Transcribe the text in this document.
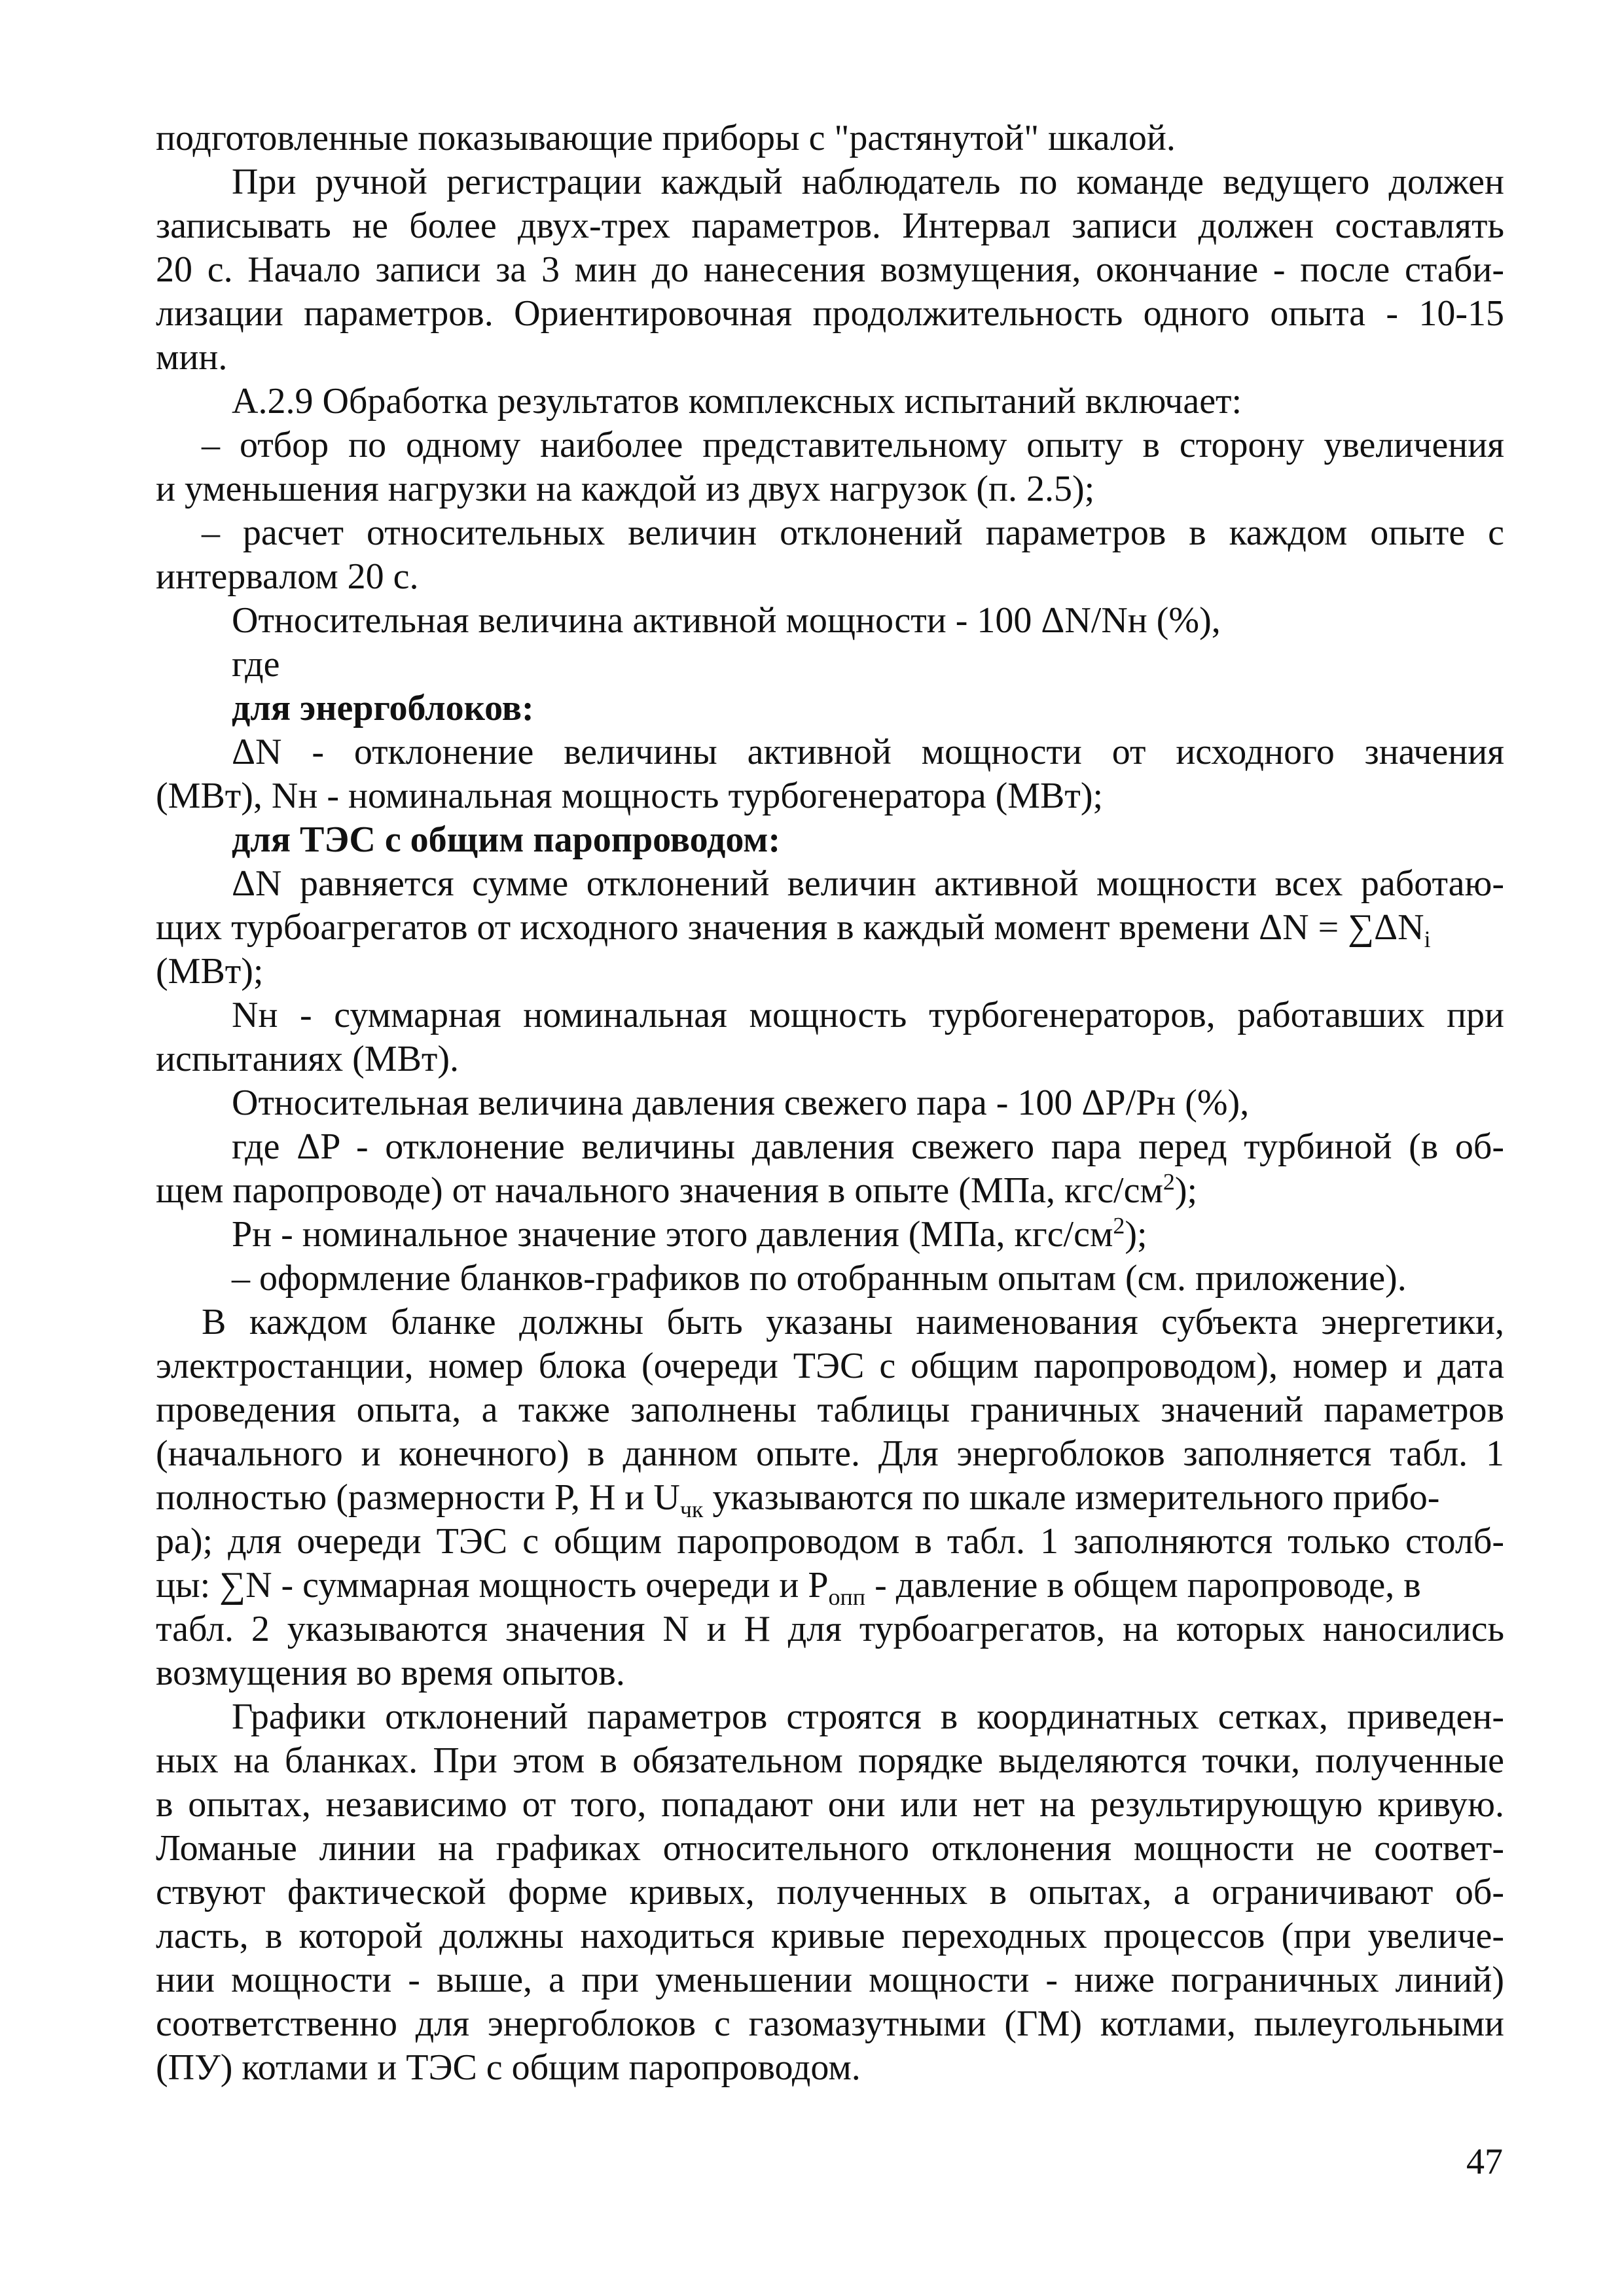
подготовленные показывающие приборы с "растянутой" шкалой.
При ручной регистрации каждый наблюдатель по команде ведущего должен
записывать не более двух-трех параметров. Интервал записи должен составлять
20 с. Начало записи за 3 мин до нанесения возмущения, окончание - после стаби-
лизации параметров. Ориентировочная продолжительность одного опыта - 10-15
мин.
А.2.9 Обработка результатов комплексных испытаний включает:
– отбор по одному наиболее представительному опыту в сторону увеличения
и уменьшения нагрузки на каждой из двух нагрузок (п. 2.5);
– расчет относительных величин отклонений параметров в каждом опыте с
интервалом 20 с.
Относительная величина активной мощности - 100 ΔN/Nн (%),
где
для энергоблоков:
ΔN - отклонение величины активной мощности от исходного значения
(МВт), Nн - номинальная мощность турбогенератора (МВт);
для ТЭС с общим паропроводом:
ΔN равняется сумме отклонений величин активной мощности всех работаю-
щих турбоагрегатов от исходного значения в каждый момент времени $\Delta N = \sum\Delta N_i$
(МВт);
Nн - суммарная номинальная мощность турбогенераторов, работавших при
испытаниях (МВт).
Относительная величина давления свежего пара - 100 ΔP/Pн (%),
где ΔP - отклонение величины давления свежего пара перед турбиной (в об-
щем паропроводе) от начального значения в опыте (МПа, кгс/$см^2$);
Pн - номинальное значение этого давления (МПа, кгс/$см^2$);
– оформление бланков-графиков по отобранным опытам (см. приложение).
В каждом бланке должны быть указаны наименования субъекта энергетики,
электростанции, номер блока (очереди ТЭС с общим паропроводом), номер и дата
проведения опыта, а также заполнены таблицы граничных значений параметров
(начального и конечного) в данном опыте. Для энергоблоков заполняется табл. 1
полностью (размерности P, Н и $U_{чк}$ указываются по шкале измерительного прибо-
ра); для очереди ТЭС с общим паропроводом в табл. 1 заполняются только столб-
цы: ∑N - суммарная мощность очереди и $P_{опп}$ - давление в общем паропроводе, в
табл. 2 указываются значения N и Н для турбоагрегатов, на которых наносились
возмущения во время опытов.
Графики отклонений параметров строятся в координатных сетках, приведен-
ных на бланках. При этом в обязательном порядке выделяются точки, полученные
в опытах, независимо от того, попадают они или нет на результирующую кривую.
Ломаные линии на графиках относительного отклонения мощности не соответ-
ствуют фактической форме кривых, полученных в опытах, а ограничивают об-
ласть, в которой должны находиться кривые переходных процессов (при увеличе-
нии мощности - выше, а при уменьшении мощности - ниже пограничных линий)
соответственно для энергоблоков с газомазутными (ГМ) котлами, пылеугольными
(ПУ) котлами и ТЭС с общим паропроводом.
47
